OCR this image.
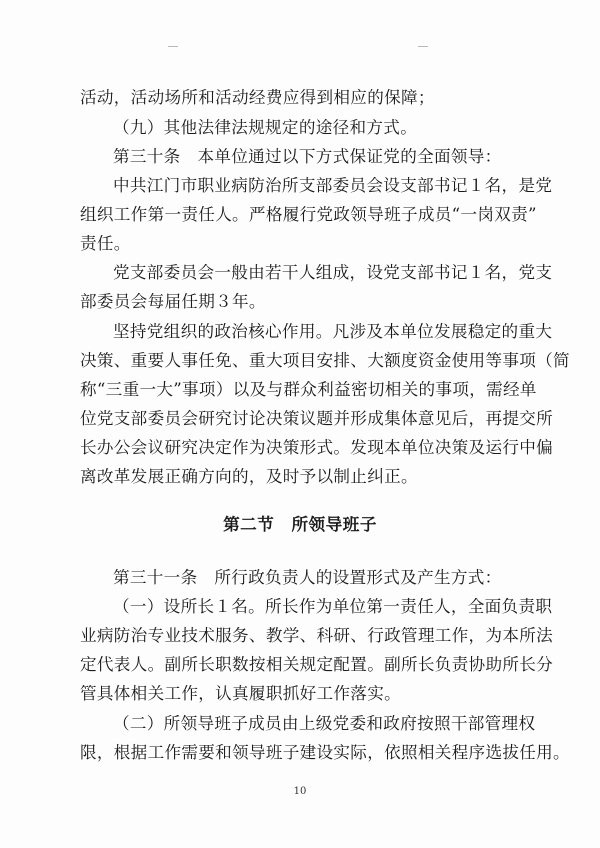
活动，活动场所和活动经费应得到相应的保障；
（九）其他法律法规规定的途径和方式。
第三十条　本单位通过以下方式保证党的全面领导：
中共江门市职业病防治所支部委员会设支部书记１名，是党
组织工作第一责任人。严格履行党政领导班子成员“一岗双责”
责任。
党支部委员会一般由若干人组成，设党支部书记１名，党支
部委员会每届任期３年。
坚持党组织的政治核心作用。凡涉及本单位发展稳定的重大
决策、重要人事任免、重大项目安排、大额度资金使用等事项（简
称“三重一大”事项）以及与群众利益密切相关的事项，需经单
位党支部委员会研究讨论决策议题并形成集体意见后，再提交所
长办公会议研究决定作为决策形式。发现本单位决策及运行中偏
离改革发展正确方向的，及时予以制止纠正。
第二节　所领导班子
第三十一条　所行政负责人的设置形式及产生方式：
（一）设所长１名。所长作为单位第一责任人，全面负责职
业病防治专业技术服务、教学、科研、行政管理工作，为本所法
定代表人。副所长职数按相关规定配置。副所长负责协助所长分
管具体相关工作，认真履职抓好工作落实。
（二）所领导班子成员由上级党委和政府按照干部管理权
限，根据工作需要和领导班子建设实际，依照相关程序选拔任用。
10
